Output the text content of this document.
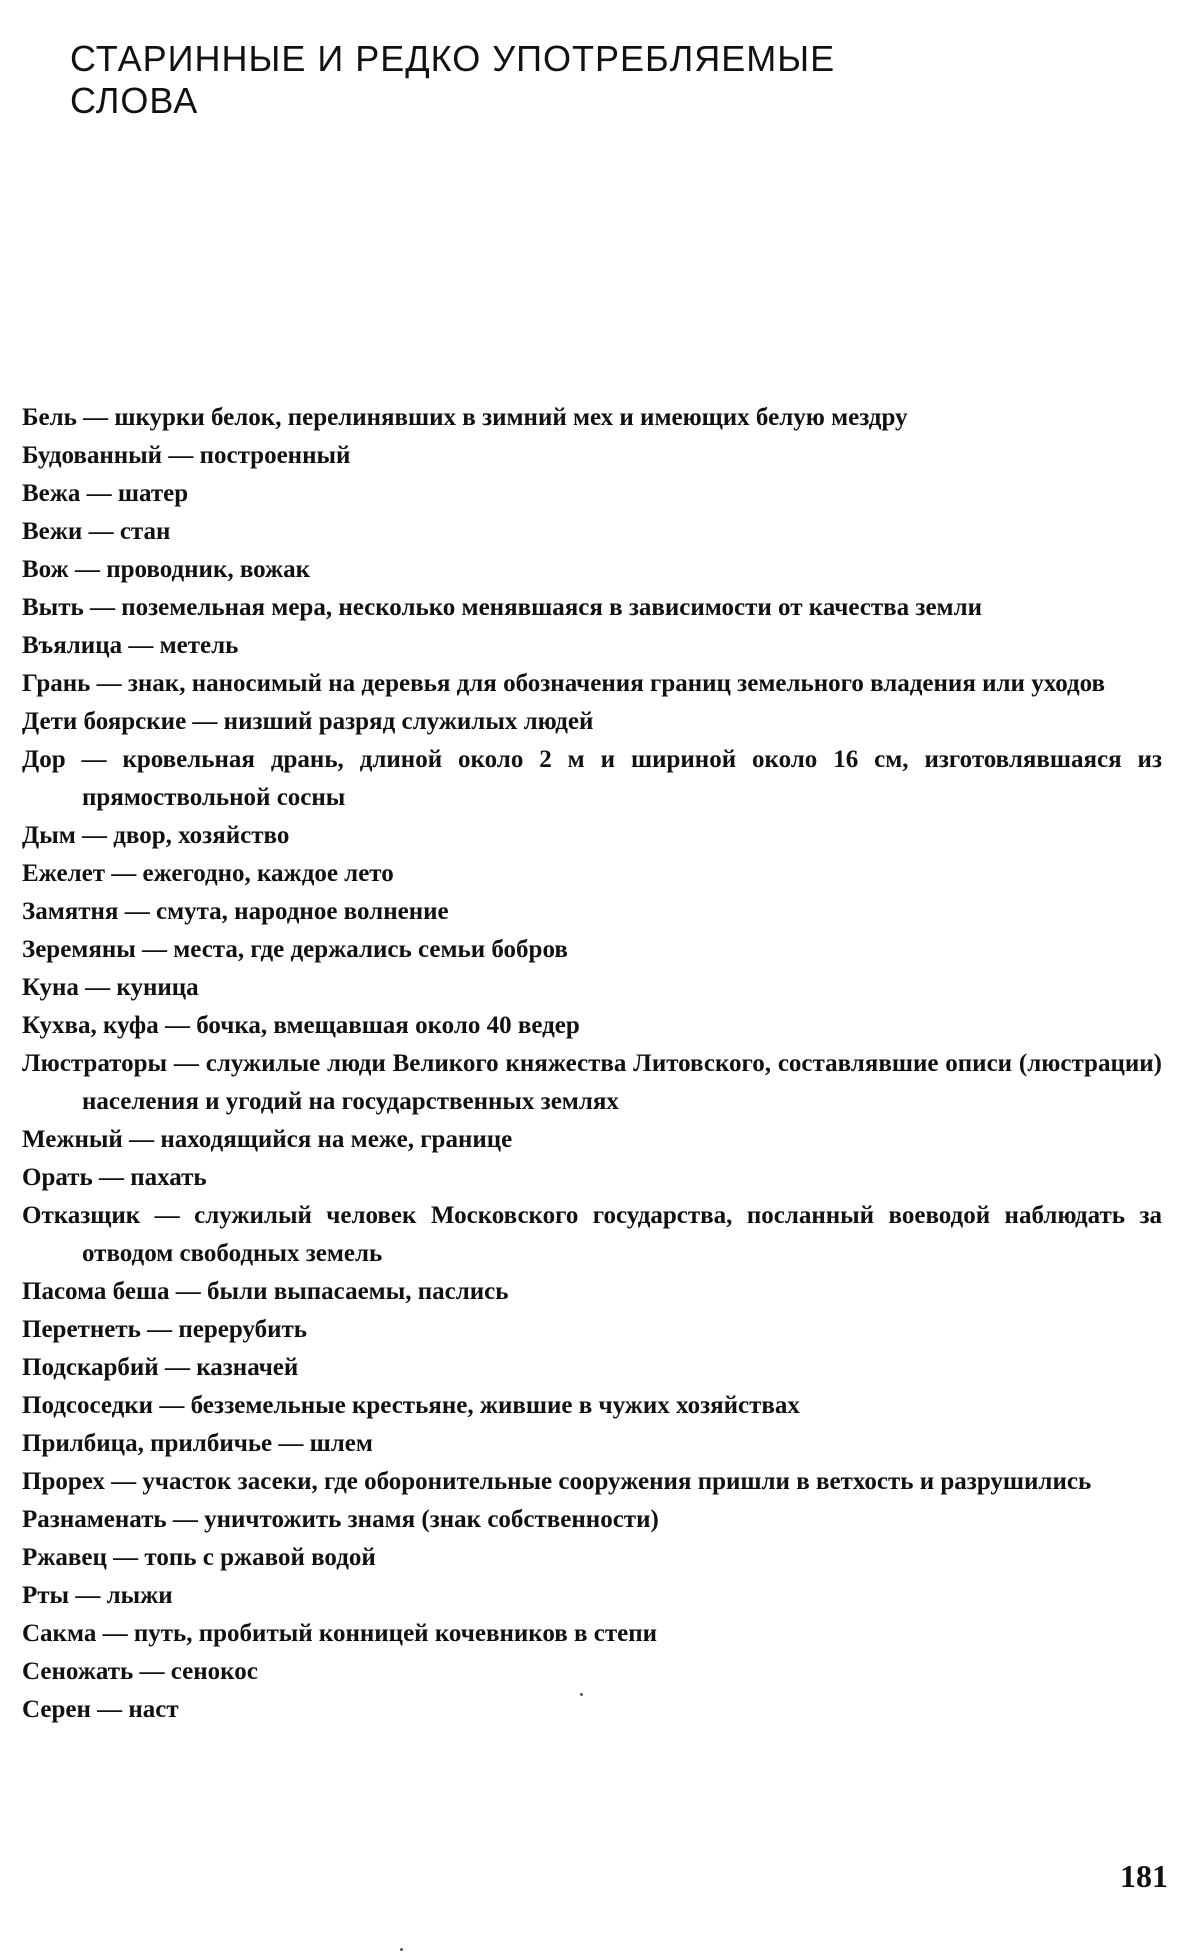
СТАРИННЫЕ И РЕДКО УПОТРЕБЛЯЕМЫЕ
СЛОВА
Бель — шкурки белок, перелинявших в зимний мех и имеющих белую мездру
Будованный — построенный
Вежа — шатер
Вежи — стан
Вож — проводник, вожак
Выть — поземельная мера, несколько менявшаяся в зависимости от качества земли
Въялица — метель
Грань — знак, наносимый на деревья для обозначения границ земельного владения или уходов
Дети боярские — низший разряд служилых людей
Дор — кровельная дрань, длиной около 2 м и шириной около 16 см, изготовлявшаяся из прямоствольной сосны
Дым — двор, хозяйство
Ежелет — ежегодно, каждое лето
Замятня — смута, народное волнение
Зеремяны — места, где держались семьи бобров
Куна — куница
Кухва, куфа — бочка, вмещавшая около 40 ведер
Люстраторы — служилые люди Великого княжества Литовского, составлявшие описи (люстрации) населения и угодий на государственных землях
Межный — находящийся на меже, границе
Орать — пахать
Отказщик — служилый человек Московского государства, посланный воеводой наблюдать за отводом свободных земель
Пасома беша — были выпасаемы, паслись
Перетнеть — перерубить
Подскарбий — казначей
Подсоседки — безземельные крестьяне, жившие в чужих хозяйствах
Прилбица, прилбичье — шлем
Прорех — участок засеки, где оборонительные сооружения пришли в ветхость и разрушились
Разнаменать — уничтожить знамя (знак собственности)
Ржавец — топь с ржавой водой
Рты — лыжи
Сакма — путь, пробитый конницей кочевников в степи
Сеножать — сенокос
Серен — наст
181
